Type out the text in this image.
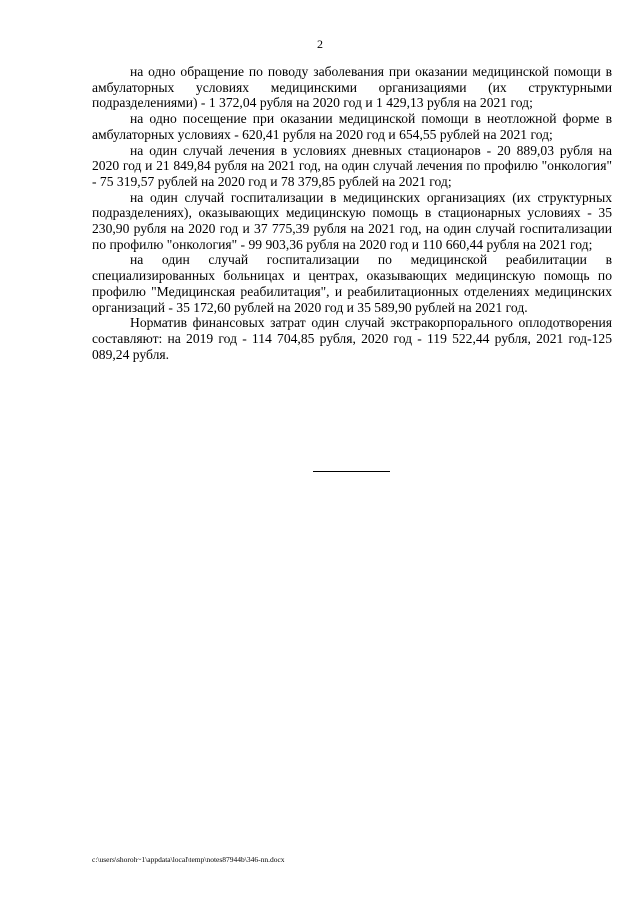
2

на одно обращение по поводу заболевания при оказании медицинской помощи в амбулаторных условиях медицинскими организациями (их структурными подразделениями) - 1 372,04 рубля на 2020 год и 1 429,13 рубля на 2021 год;

на одно посещение при оказании медицинской помощи в неотложной форме в амбулаторных условиях - 620,41 рубля на 2020 год и 654,55 рублей на 2021 год;

на один случай лечения в условиях дневных стационаров - 20 889,03 рубля на 2020 год и 21 849,84 рубля на 2021 год, на один случай лечения по профилю "онкология" - 75 319,57 рублей на 2020 год и 78 379,85 рублей на 2021 год;

на один случай госпитализации в медицинских организациях (их структурных подразделениях), оказывающих медицинскую помощь в стационарных условиях - 35 230,90 рубля на 2020 год и 37 775,39 рубля на 2021 год, на один случай госпитализации по профилю "онкология" - 99 903,36 рубля на 2020 год и 110 660,44 рубля на 2021 год;

на один случай госпитализации по медицинской реабилитации в специализированных больницах и центрах, оказывающих медицинскую помощь по профилю "Медицинская реабилитация", и реабилитационных отделениях медицинских организаций - 35 172,60 рублей на 2020 год и 35 589,90 рублей на 2021 год.

Норматив финансовых затрат один случай экстракорпорального оплодотворения составляют: на 2019 год - 114 704,85 рубля, 2020 год - 119 522,44 рубля, 2021 год-125 089,24 рубля.

c:\users\shoroh~1\appdata\local\temp\notes87944b\346-nn.docx
